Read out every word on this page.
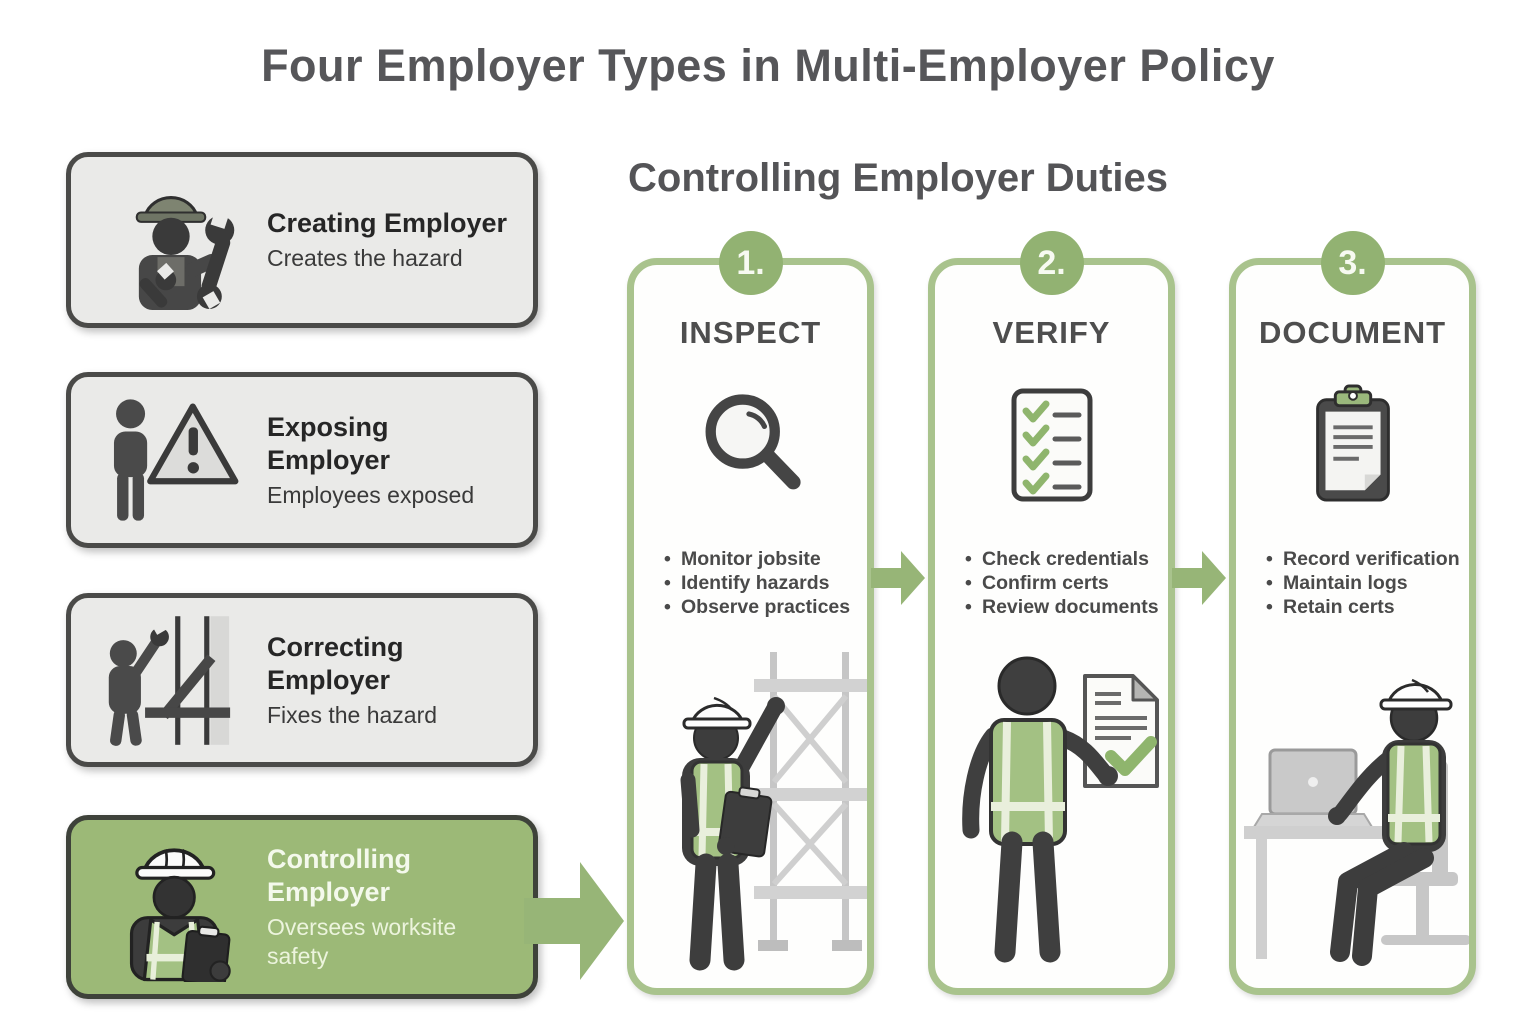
Four Employer Types in Multi-Employer Policy
Creating Employer
Creates the hazard
Exposing Employer
Employees exposed
Correcting Employer
Fixes the hazard
Controlling Employer
Oversees worksite safety
Controlling Employer Duties
1.
INSPECT
• Monitor jobsite
• Identify hazards
• Observe practices
2.
VERIFY
• Check credentials
• Confirm certs
• Review documents
3.
DOCUMENT
• Record verification
• Maintain logs
• Retain certs
